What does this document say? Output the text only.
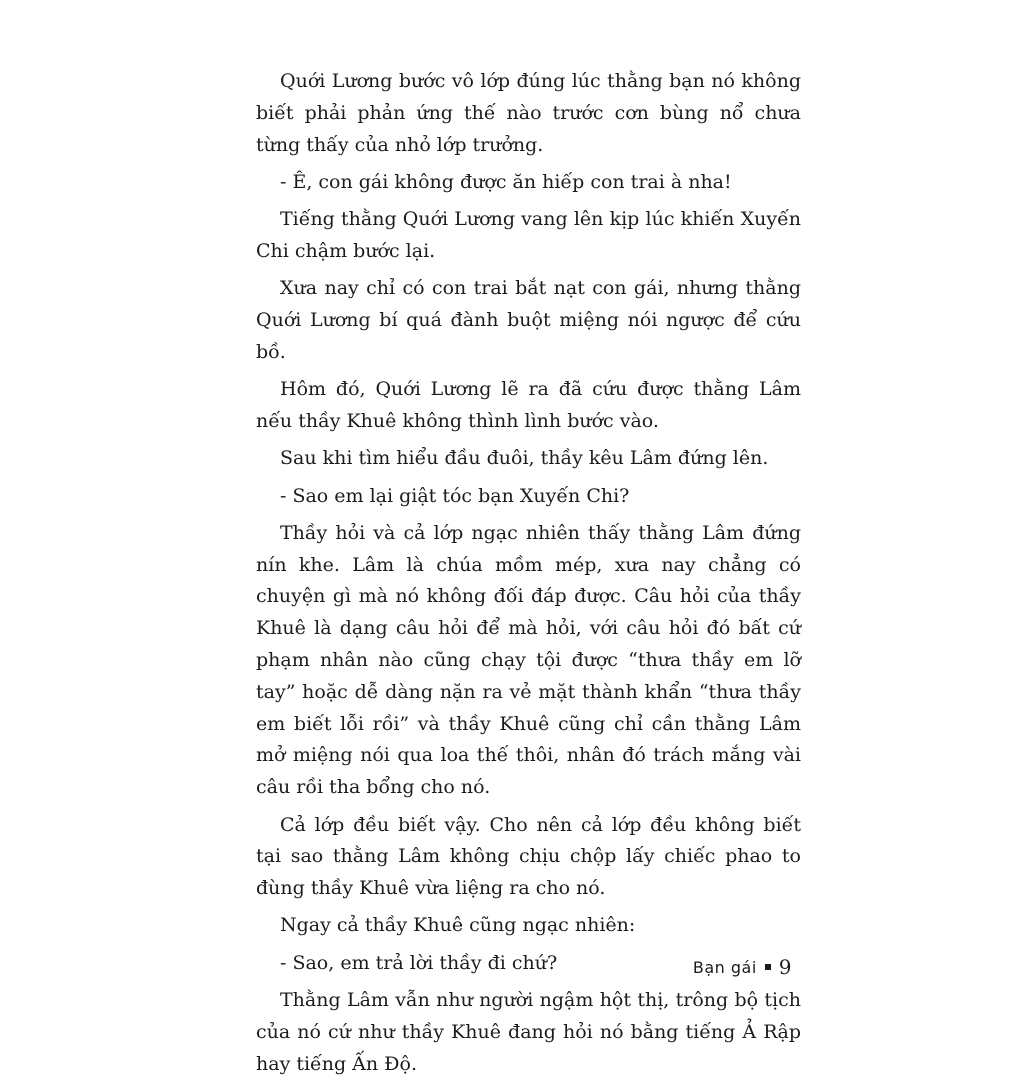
Quới Lương bước vô lớp đúng lúc thằng bạn nó không biết phải phản ứng thế nào trước cơn bùng nổ chưa từng thấy của nhỏ lớp trưởng.

- Ê, con gái không được ăn hiếp con trai à nha!

Tiếng thằng Quới Lương vang lên kịp lúc khiến Xuyến Chi chậm bước lại.

Xưa nay chỉ có con trai bắt nạt con gái, nhưng thằng Quới Lương bí quá đành buột miệng nói ngược để cứu bồ.

Hôm đó, Quới Lương lẽ ra đã cứu được thằng Lâm nếu thầy Khuê không thình lình bước vào.

Sau khi tìm hiểu đầu đuôi, thầy kêu Lâm đứng lên.

- Sao em lại giật tóc bạn Xuyến Chi?

Thầy hỏi và cả lớp ngạc nhiên thấy thằng Lâm đứng nín khe. Lâm là chúa mồm mép, xưa nay chẳng có chuyện gì mà nó không đối đáp được. Câu hỏi của thầy Khuê là dạng câu hỏi để mà hỏi, với câu hỏi đó bất cứ phạm nhân nào cũng chạy tội được “thưa thầy em lỡ tay” hoặc dễ dàng nặn ra vẻ mặt thành khẩn “thưa thầy em biết lỗi rồi” và thầy Khuê cũng chỉ cần thằng Lâm mở miệng nói qua loa thế thôi, nhân đó trách mắng vài câu rồi tha bổng cho nó.

Cả lớp đều biết vậy. Cho nên cả lớp đều không biết tại sao thằng Lâm không chịu chộp lấy chiếc phao to đùng thầy Khuê vừa liệng ra cho nó.

Ngay cả thầy Khuê cũng ngạc nhiên:

- Sao, em trả lời thầy đi chứ?

Thằng Lâm vẫn như người ngậm hột thị, trông bộ tịch của nó cứ như thầy Khuê đang hỏi nó bằng tiếng Ả Rập hay tiếng Ấn Độ.

Bạn gái 9
